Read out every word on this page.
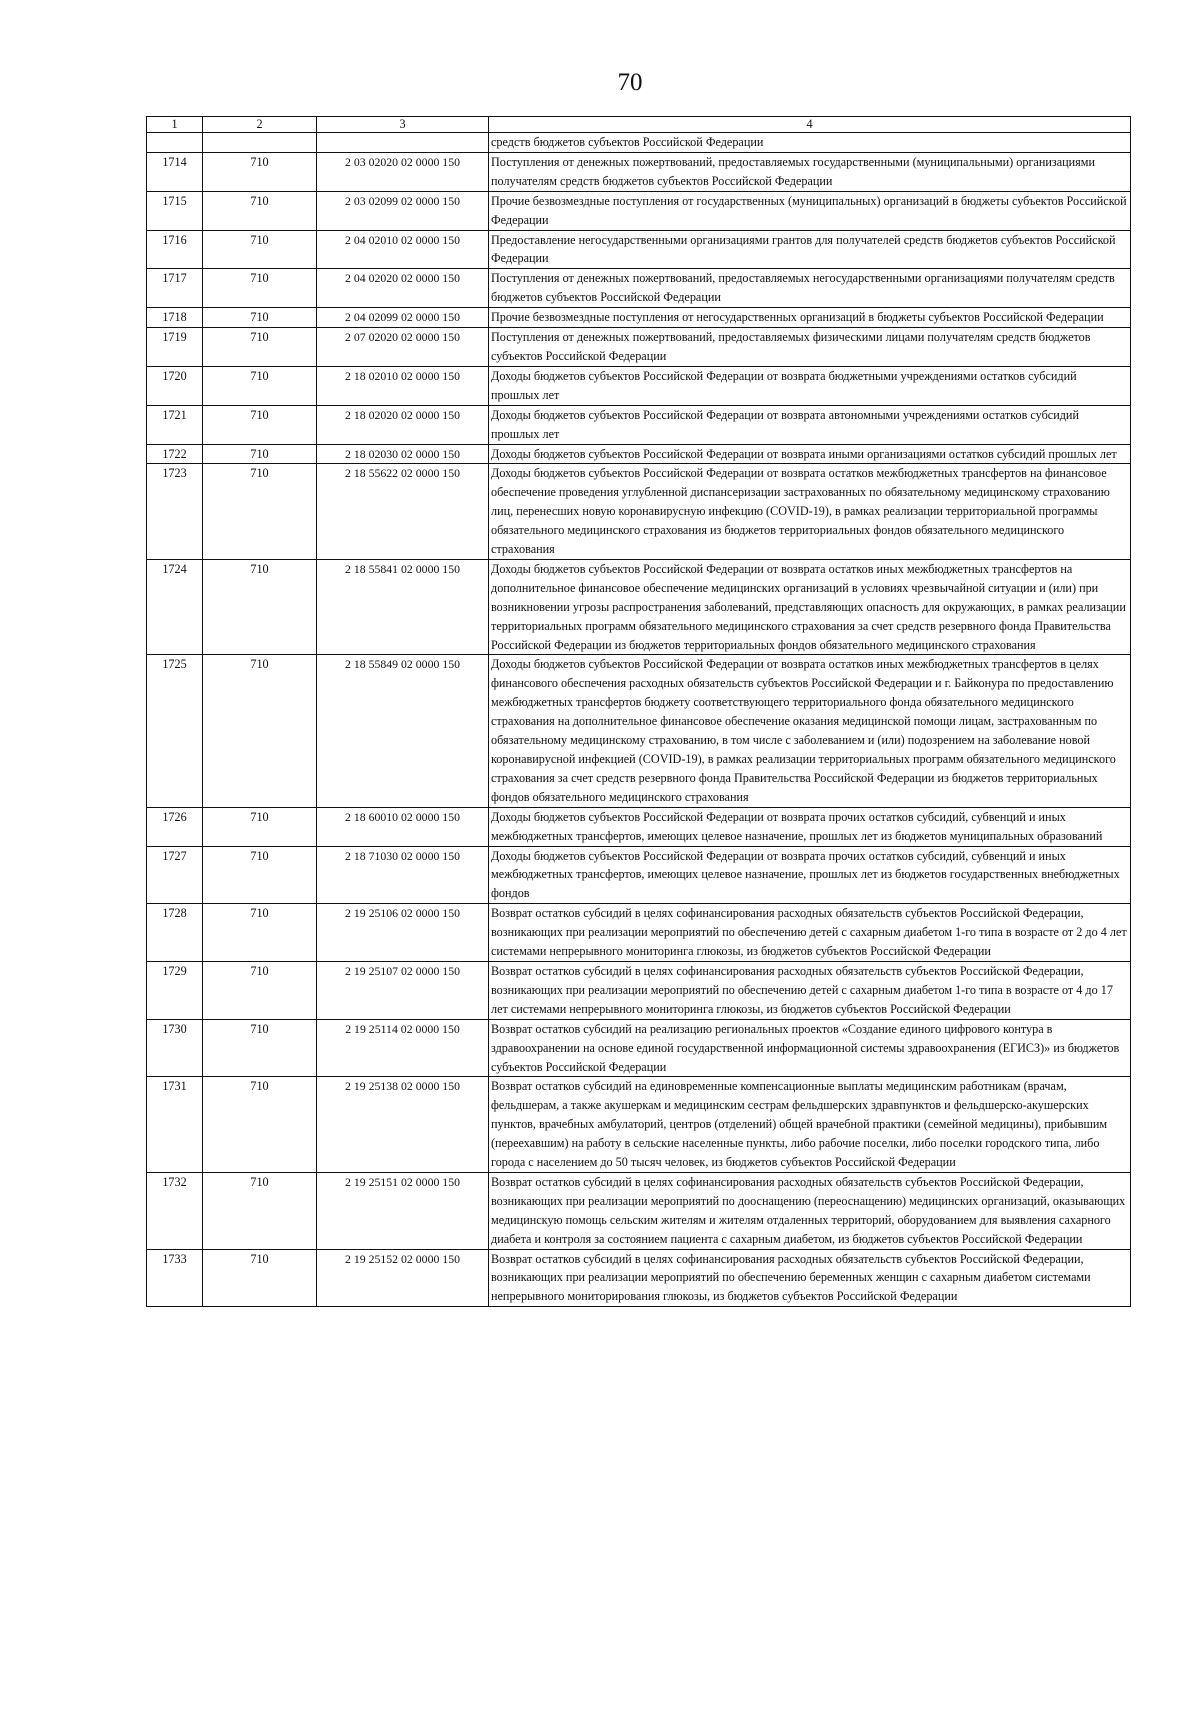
70
1	2	3	4
			средств бюджетов субъектов Российской Федерации
1714	710	2 03 02020 02 0000 150	Поступления от денежных пожертвований, предоставляемых государственными (муниципальными) организациями получателям средств бюджетов субъектов Российской Федерации
1715	710	2 03 02099 02 0000 150	Прочие безвозмездные поступления от государственных (муниципальных) организаций в бюджеты субъектов Российской Федерации
1716	710	2 04 02010 02 0000 150	Предоставление негосударственными организациями грантов для получателей средств бюджетов субъектов Российской Федерации
1717	710	2 04 02020 02 0000 150	Поступления от денежных пожертвований, предоставляемых негосударственными организациями получателям средств бюджетов субъектов Российской Федерации
1718	710	2 04 02099 02 0000 150	Прочие безвозмездные поступления от негосударственных организаций в бюджеты субъектов Российской Федерации
1719	710	2 07 02020 02 0000 150	Поступления от денежных пожертвований, предоставляемых физическими лицами получателям средств бюджетов субъектов Российской Федерации
1720	710	2 18 02010 02 0000 150	Доходы бюджетов субъектов Российской Федерации от возврата бюджетными учреждениями остатков субсидий прошлых лет
1721	710	2 18 02020 02 0000 150	Доходы бюджетов субъектов Российской Федерации от возврата автономными учреждениями остатков субсидий прошлых лет
1722	710	2 18 02030 02 0000 150	Доходы бюджетов субъектов Российской Федерации от возврата иными организациями остатков субсидий прошлых лет
1723	710	2 18 55622 02 0000 150	Доходы бюджетов субъектов Российской Федерации от возврата остатков межбюджетных трансфертов на финансовое обеспечение проведения углубленной диспансеризации застрахованных по обязательному медицинскому страхованию лиц, перенесших новую коронавирусную инфекцию (COVID-19), в рамках реализации территориальной программы обязательного медицинского страхования из бюджетов территориальных фондов обязательного медицинского страхования
1724	710	2 18 55841 02 0000 150	Доходы бюджетов субъектов Российской Федерации от возврата остатков иных межбюджетных трансфертов на дополнительное финансовое обеспечение медицинских организаций в условиях чрезвычайной ситуации и (или) при возникновении угрозы распространения заболеваний, представляющих опасность для окружающих, в рамках реализации территориальных программ обязательного медицинского страхования за счет средств резервного фонда Правительства Российской Федерации из бюджетов территориальных фондов обязательного медицинского страхования
1725	710	2 18 55849 02 0000 150	Доходы бюджетов субъектов Российской Федерации от возврата остатков иных межбюджетных трансфертов в целях финансового обеспечения расходных обязательств субъектов Российской Федерации и г. Байконура по предоставлению межбюджетных трансфертов бюджету соответствующего территориального фонда обязательного медицинского страхования на дополнительное финансовое обеспечение оказания медицинской помощи лицам, застрахованным по обязательному медицинскому страхованию, в том числе с заболеванием и (или) подозрением на заболевание новой коронавирусной инфекцией (COVID-19), в рамках реализации территориальных программ обязательного медицинского страхования за счет средств резервного фонда Правительства Российской Федерации из бюджетов территориальных фондов обязательного медицинского страхования
1726	710	2 18 60010 02 0000 150	Доходы бюджетов субъектов Российской Федерации от возврата прочих остатков субсидий, субвенций и иных межбюджетных трансфертов, имеющих целевое назначение, прошлых лет из бюджетов муниципальных образований
1727	710	2 18 71030 02 0000 150	Доходы бюджетов субъектов Российской Федерации от возврата прочих остатков субсидий, субвенций и иных межбюджетных трансфертов, имеющих целевое назначение, прошлых лет из бюджетов государственных внебюджетных фондов
1728	710	2 19 25106 02 0000 150	Возврат остатков субсидий в целях софинансирования расходных обязательств субъектов Российской Федерации, возникающих при реализации мероприятий по обеспечению детей с сахарным диабетом 1-го типа в возрасте от 2 до 4 лет системами непрерывного мониторинга глюкозы, из бюджетов субъектов Российской Федерации
1729	710	2 19 25107 02 0000 150	Возврат остатков субсидий в целях софинансирования расходных обязательств субъектов Российской Федерации, возникающих при реализации мероприятий по обеспечению детей с сахарным диабетом 1-го типа в возрасте от 4 до 17 лет системами непрерывного мониторинга глюкозы, из бюджетов субъектов Российской Федерации
1730	710	2 19 25114 02 0000 150	Возврат остатков субсидий на реализацию региональных проектов «Создание единого цифрового контура в здравоохранении на основе единой государственной информационной системы здравоохранения (ЕГИСЗ)» из бюджетов субъектов Российской Федерации
1731	710	2 19 25138 02 0000 150	Возврат остатков субсидий на единовременные компенсационные выплаты медицинским работникам (врачам, фельдшерам, а также акушеркам и медицинским сестрам фельдшерских здравпунктов и фельдшерско-акушерских пунктов, врачебных амбулаторий, центров (отделений) общей врачебной практики (семейной медицины), прибывшим (переехавшим) на работу в сельские населенные пункты, либо рабочие поселки, либо поселки городского типа, либо города с населением до 50 тысяч человек, из бюджетов субъектов Российской Федерации
1732	710	2 19 25151 02 0000 150	Возврат остатков субсидий в целях софинансирования расходных обязательств субъектов Российской Федерации, возникающих при реализации мероприятий по дооснащению (переоснащению) медицинских организаций, оказывающих медицинскую помощь сельским жителям и жителям отдаленных территорий, оборудованием для выявления сахарного диабета и контроля за состоянием пациента с сахарным диабетом, из бюджетов субъектов Российской Федерации
1733	710	2 19 25152 02 0000 150	Возврат остатков субсидий в целях софинансирования расходных обязательств субъектов Российской Федерации, возникающих при реализации мероприятий по обеспечению беременных женщин с сахарным диабетом системами непрерывного мониторирования глюкозы, из бюджетов субъектов Российской Федерации
